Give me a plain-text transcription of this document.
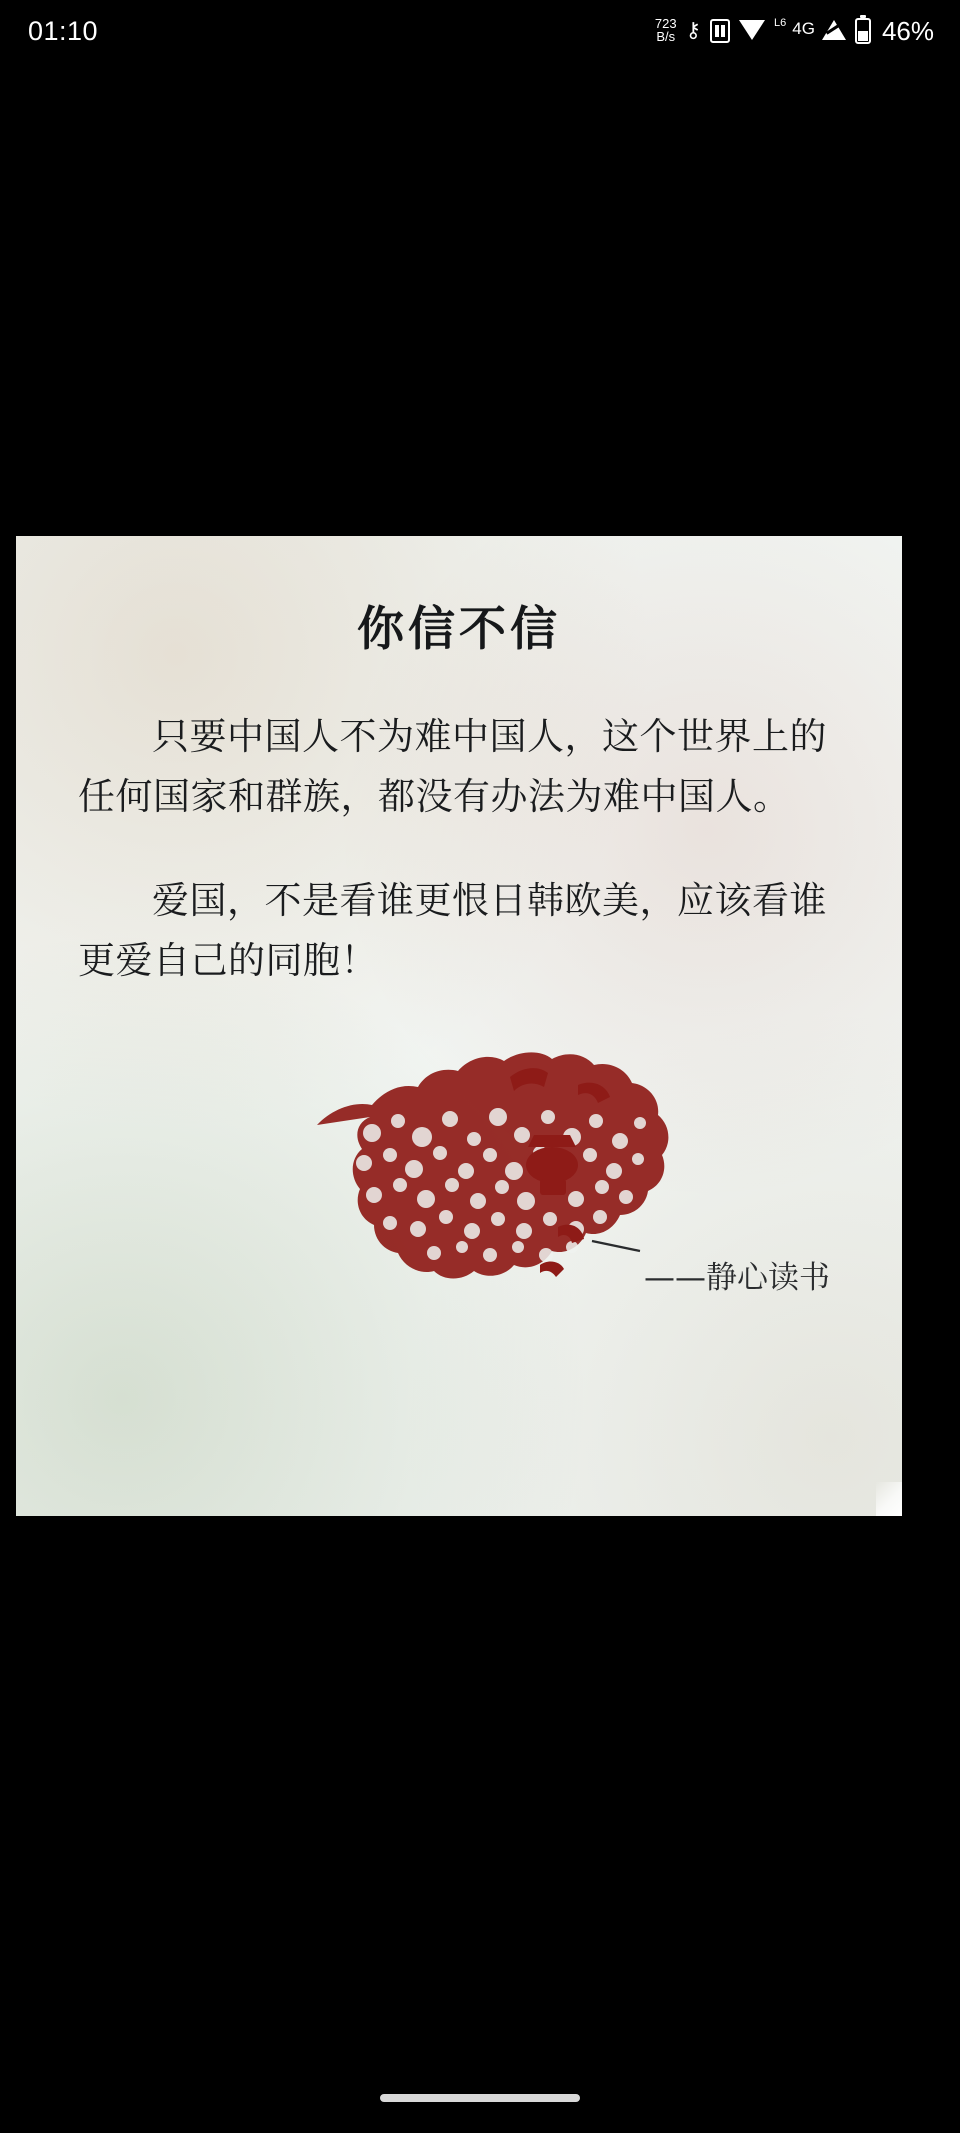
01:10	723
B/s ⚷	L6 4G	46%
你信不信
只要中国人不为难中国人，这个世界上的任何国家和群族，都没有办法为难中国人。
爱国，不是看谁更恨日韩欧美，应该看谁更爱自己的同胞！
——静心读书
